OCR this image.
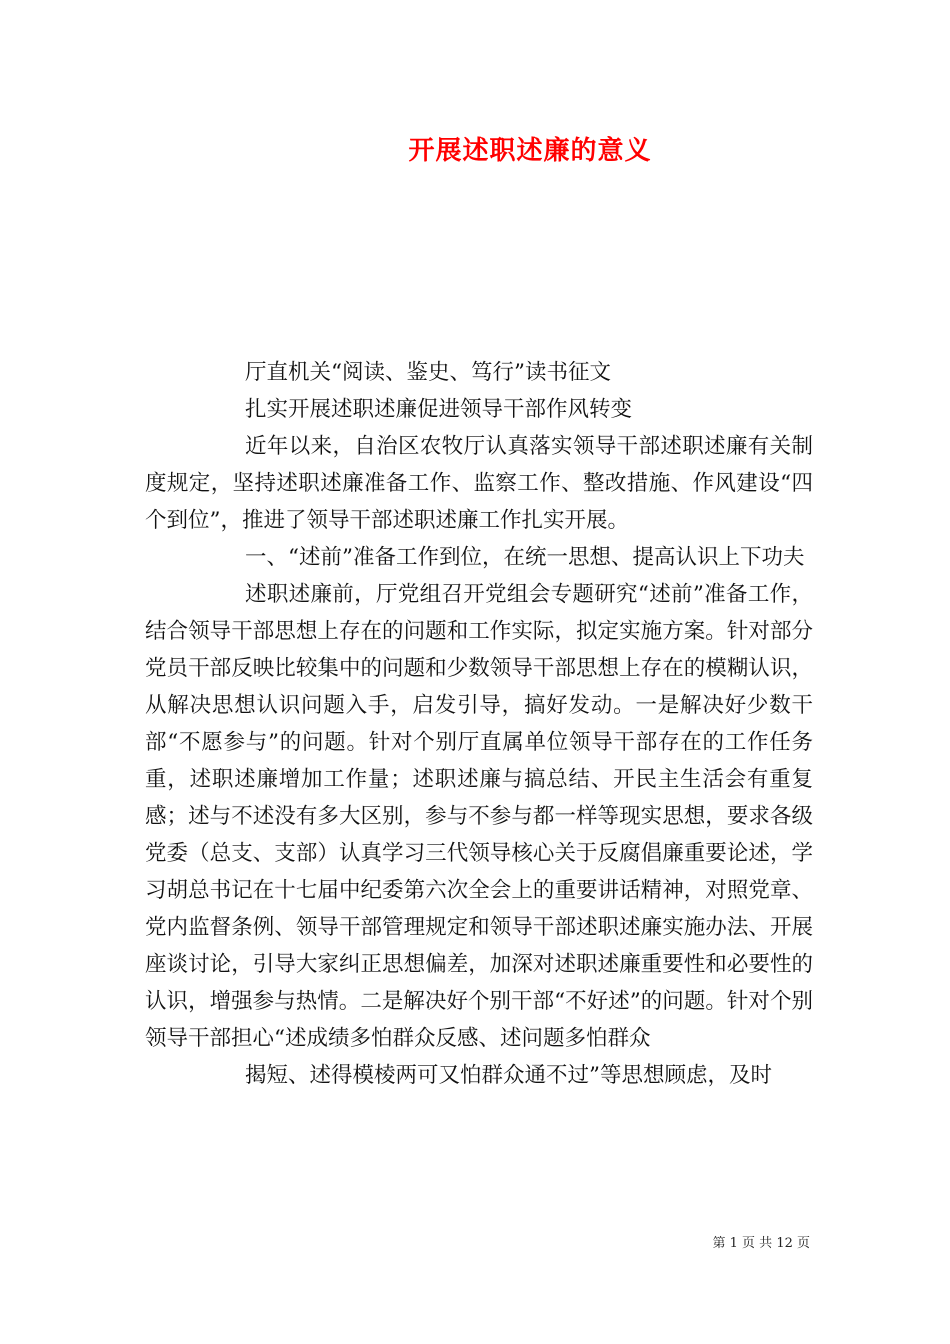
开展述职述廉的意义

厅直机关“阅读、鉴史、笃行”读书征文

扎实开展述职述廉促进领导干部作风转变

近年以来，自治区农牧厅认真落实领导干部述职述廉有关制度规定，坚持述职述廉准备工作、监察工作、整改措施、作风建设“四个到位”，推进了领导干部述职述廉工作扎实开展。

一、“述前”准备工作到位，在统一思想、提高认识上下功夫

述职述廉前，厅党组召开党组会专题研究“述前”准备工作，结合领导干部思想上存在的问题和工作实际，拟定实施方案。针对部分党员干部反映比较集中的问题和少数领导干部思想上存在的模糊认识，从解决思想认识问题入手，启发引导，搞好发动。一是解决好少数干部“不愿参与”的问题。针对个别厅直属单位领导干部存在的工作任务重，述职述廉增加工作量；述职述廉与搞总结、开民主生活会有重复感；述与不述没有多大区别，参与不参与都一样等现实思想，要求各级党委（总支、支部）认真学习三代领导核心关于反腐倡廉重要论述，学习胡总书记在十七届中纪委第六次全会上的重要讲话精神，对照党章、党内监督条例、领导干部管理规定和领导干部述职述廉实施办法、开展座谈讨论，引导大家纠正思想偏差，加深对述职述廉重要性和必要性的认识，增强参与热情。二是解决好个别干部“不好述”的问题。针对个别领导干部担心“述成绩多怕群众反感、述问题多怕群众

揭短、述得模棱两可又怕群众通不过”等思想顾虑，及时

第 1 页 共 12 页
